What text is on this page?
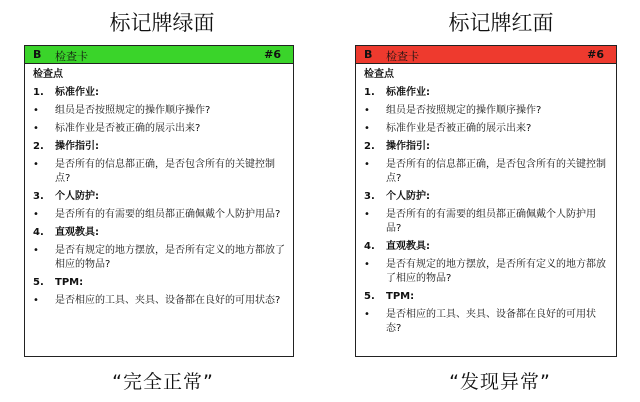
标记牌绿面
B 检查卡	#6
检查点
1.	标准作业:
•	组员是否按照规定的操作顺序操作?
•	标准作业是否被正确的展示出来?
2.	操作指引:
•	是否所有的信息都正确，是否包含所有的关键控制点?
3.	个人防护:
•	是否所有的有需要的组员都正确佩戴个人防护用品?
4.	直观教具:
•	是否有规定的地方摆放，是否所有定义的地方都放了相应的物品?
5.	TPM:
•	是否相应的工具、夹具、设备都在良好的可用状态?
“完全正常”
标记牌红面
B 检查卡	#6
检查点
1.	标准作业:
•	组员是否按照规定的操作顺序操作?
•	标准作业是否被正确的展示出来?
2.	操作指引:
•	是否所有的信息都正确，是否包含所有的关键控制点?
3.	个人防护:
•	是否所有的有需要的组员都正确佩戴个人防护用品?
4.	直观教具:
•	是否有规定的地方摆放，是否所有定义的地方都放了相应的物品?
5.	TPM:
•	是否相应的工具、夹具、设备都在良好的可用状态?
“发现异常”
